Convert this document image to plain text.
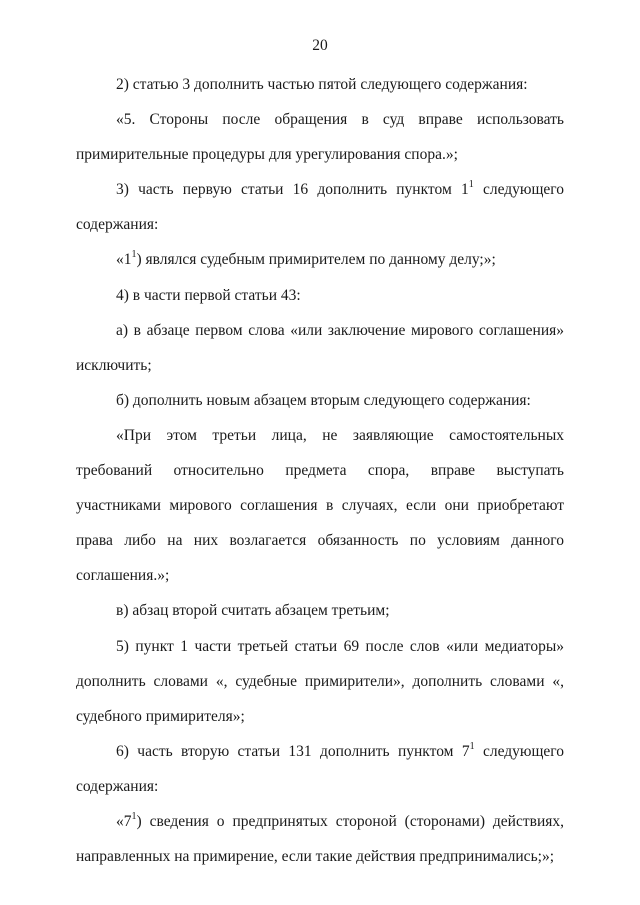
20

2) статью 3 дополнить частью пятой следующего содержания:

«5. Стороны после обращения в суд вправе использовать примирительные процедуры для урегулирования спора.»;

3) часть первую статьи 16 дополнить пунктом $1^1$ следующего содержания:

«$1^1$) являлся судебным примирителем по данному делу;»;

4) в части первой статьи 43:

а) в абзаце первом слова «или заключение мирового соглашения» исключить;

б) дополнить новым абзацем вторым следующего содержания:

«При этом третьи лица, не заявляющие самостоятельных требований относительно предмета спора, вправе выступать участниками мирового соглашения в случаях, если они приобретают права либо на них возлагается обязанность по условиям данного соглашения.»;

в) абзац второй считать абзацем третьим;

5) пункт 1 части третьей статьи 69 после слов «или медиаторы» дополнить словами «, судебные примирители», дополнить словами «, судебного примирителя»;

6) часть вторую статьи 131 дополнить пунктом $7^1$ следующего содержания:

«$7^1$) сведения о предпринятых стороной (сторонами) действиях, направленных на примирение, если такие действия предпринимались;»;
